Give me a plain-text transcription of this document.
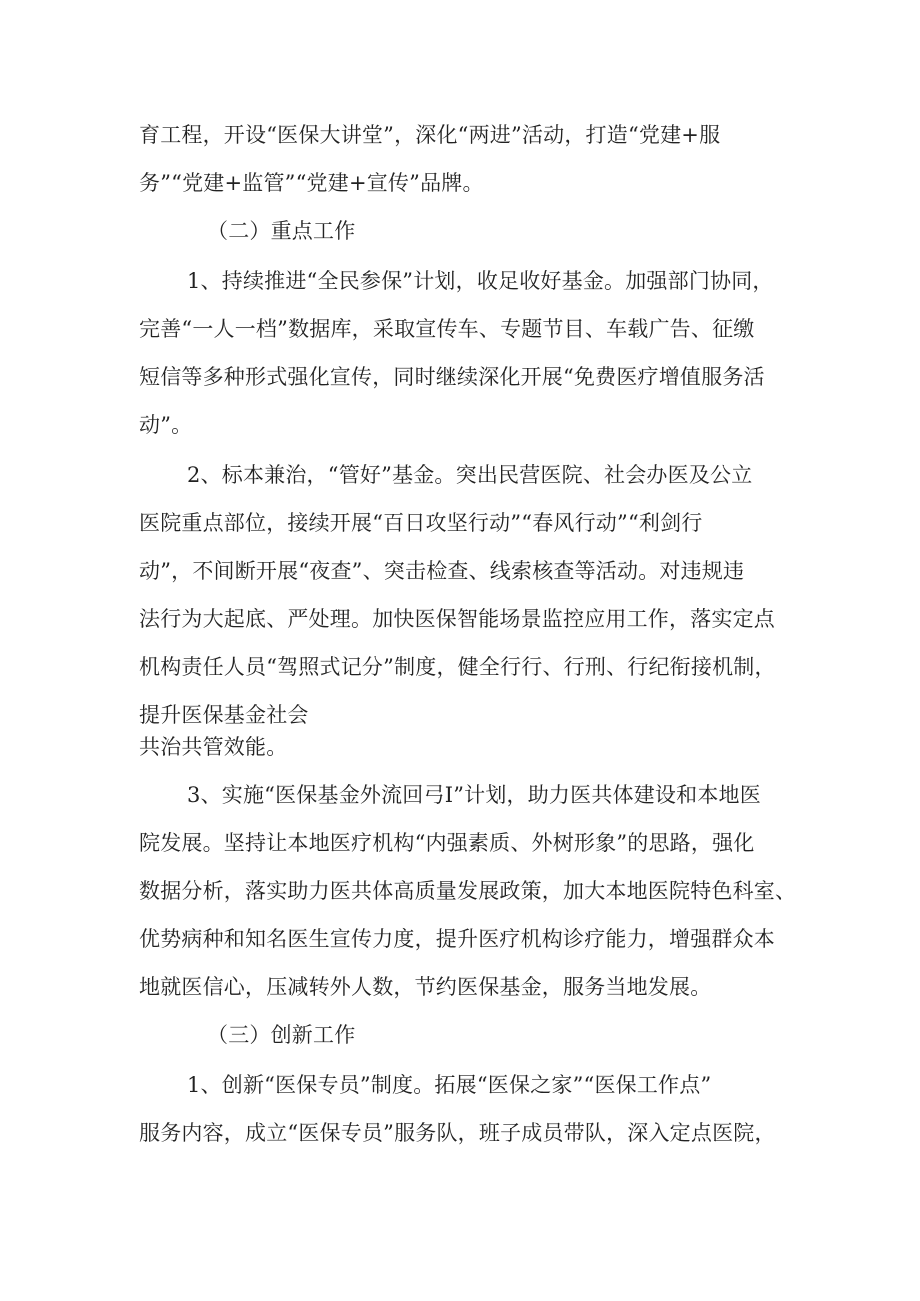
育工程，开设“医保大讲堂”，深化“两进”活动，打造“党建+服
务”“党建+监管”“党建+宣传”品牌。
（二）重点工作
1、持续推进“全民参保”计划，收足收好基金。加强部门协同，
完善“一人一档”数据库，采取宣传车、专题节目、车载广告、征缴
短信等多种形式强化宣传，同时继续深化开展“免费医疗增值服务活
动”。
2、标本兼治，“管好”基金。突出民营医院、社会办医及公立
医院重点部位，接续开展“百日攻坚行动”“春风行动”“利剑行
动”，不间断开展“夜查”、突击检查、线索核查等活动。对违规违
法行为大起底、严处理。加快医保智能场景监控应用工作，落实定点
机构责任人员“驾照式记分”制度，健全行行、行刑、行纪衔接机制，
提升医保基金社会
共治共管效能。
3、实施“医保基金外流回弓I”计划，助力医共体建设和本地医
院发展。坚持让本地医疗机构“内强素质、外树形象”的思路，强化
数据分析，落实助力医共体高质量发展政策，加大本地医院特色科室、
优势病种和知名医生宣传力度，提升医疗机构诊疗能力，增强群众本
地就医信心，压减转外人数，节约医保基金，服务当地发展。
（三）创新工作
1、创新“医保专员”制度。拓展“医保之家”“医保工作点”
服务内容，成立“医保专员”服务队，班子成员带队，深入定点医院，
